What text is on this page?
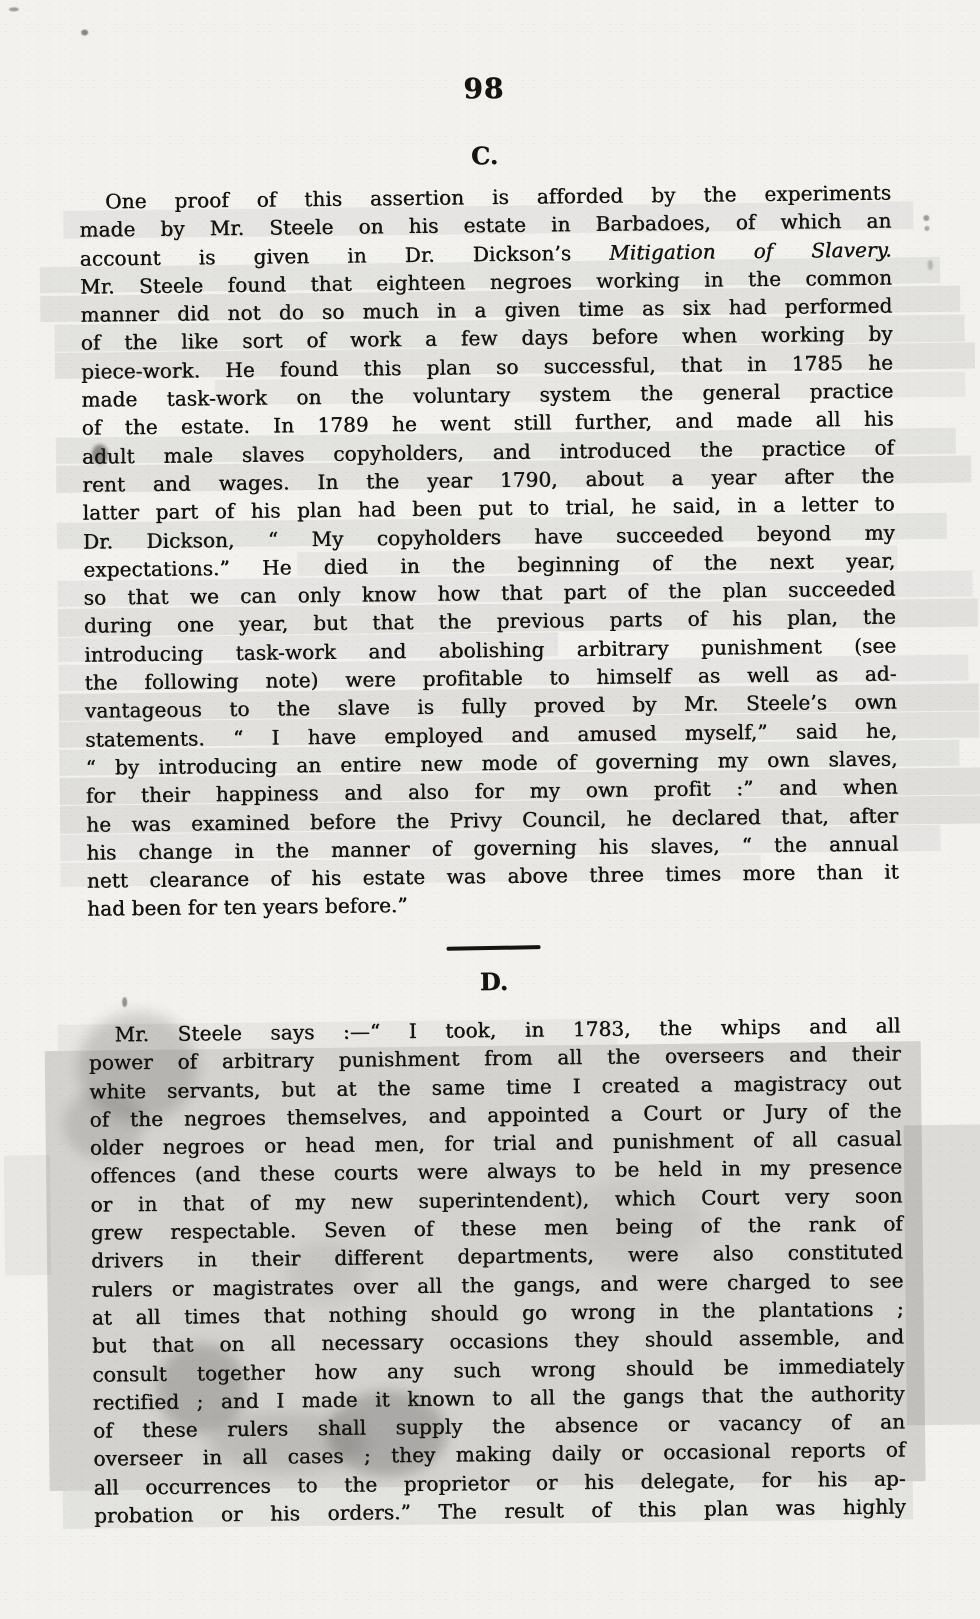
98
C.
One proof of this assertion is afforded by the experiments
made by Mr. Steele on his estate in Barbadoes, of which an
account is given in Dr. Dickson’s Mitigation of Slavery.
Mr. Steele found that eighteen negroes working in the common
manner did not do so much in a given time as six had performed
of the like sort of work a few days before when working by
piece-work. He found this plan so successful, that in 1785 he
made task-work on the voluntary system the general practice
of the estate. In 1789 he went still further, and made all his
adult male slaves copyholders, and introduced the practice of
rent and wages. In the year 1790, about a year after the
latter part of his plan had been put to trial, he said, in a letter to
Dr. Dickson, “ My copyholders have succeeded beyond my
expectations.” He died in the beginning of the next year,
so that we can only know how that part of the plan succeeded
during one year, but that the previous parts of his plan, the
introducing task-work and abolishing arbitrary punishment (see
the following note) were profitable to himself as well as ad-
vantageous to the slave is fully proved by Mr. Steele’s own
statements. “ I have employed and amused myself,” said he,
“ by introducing an entire new mode of governing my own slaves,
for their happiness and also for my own profit :” and when
he was examined before the Privy Council, he declared that, after
his change in the manner of governing his slaves, “ the annual
nett clearance of his estate was above three times more than it
had been for ten years before.”
D.
Mr. Steele says :—“ I took, in 1783, the whips and all
power of arbitrary punishment from all the overseers and their
white servants, but at the same time I created a magistracy out
of the negroes themselves, and appointed a Court or Jury of the
older negroes or head men, for trial and punishment of all casual
offences (and these courts were always to be held in my presence
or in that of my new superintendent), which Court very soon
grew respectable. Seven of these men being of the rank of
drivers in their different departments, were also constituted
rulers or magistrates over all the gangs, and were charged to see
at all times that nothing should go wrong in the plantations ;
but that on all necessary occasions they should assemble, and
consult together how any such wrong should be immediately
rectified ; and I made it known to all the gangs that the authority
of these rulers shall supply the absence or vacancy of an
overseer in all cases ; they making daily or occasional reports of
all occurrences to the proprietor or his delegate, for his ap-
probation or his orders.” The result of this plan was highly
